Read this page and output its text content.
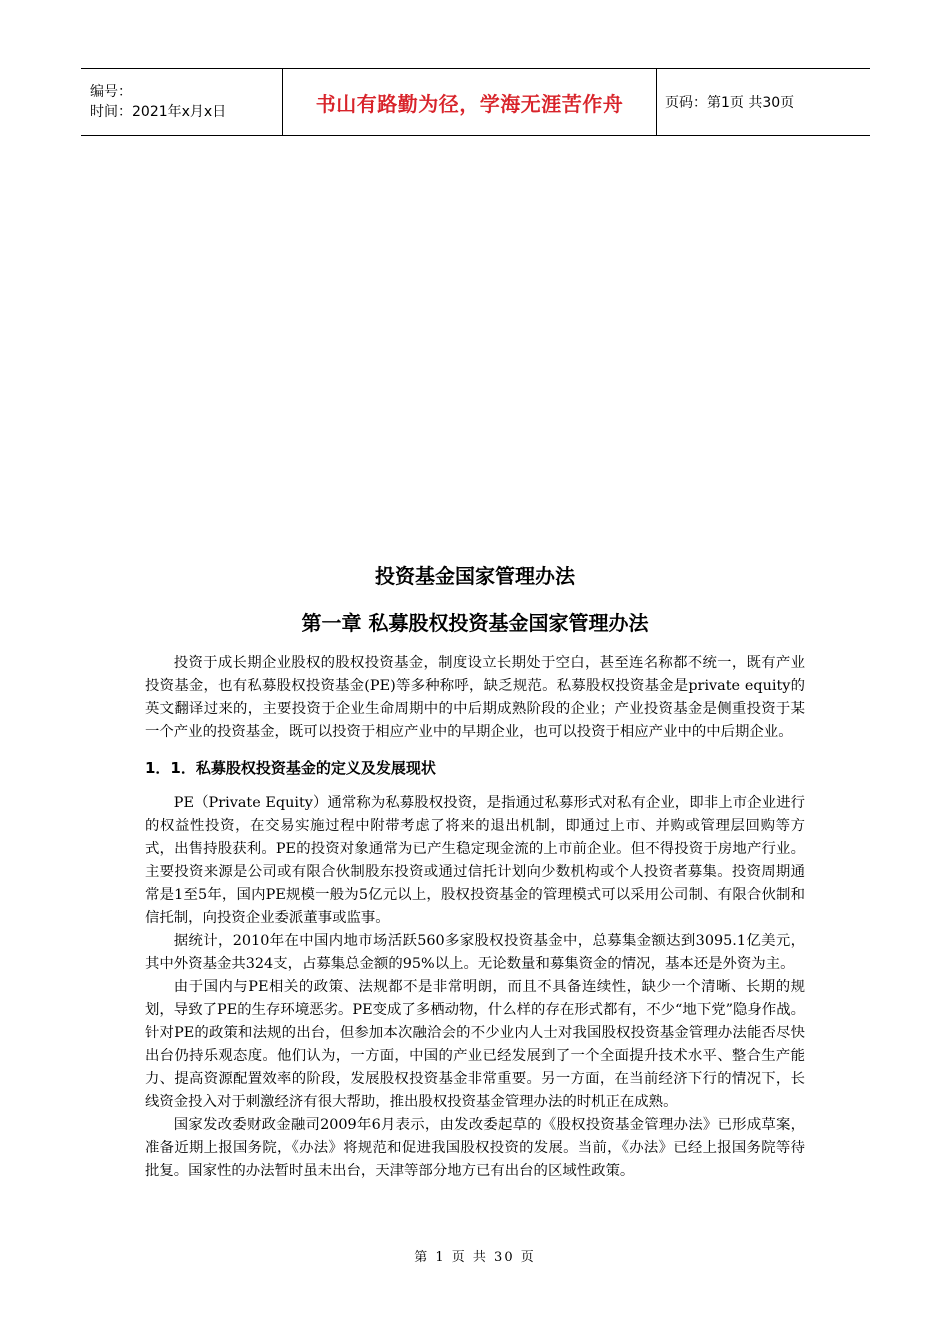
编号：
时间：2021年x月x日	书山有路勤为径，学海无涯苦作舟	页码：第1页 共30页
投资基金国家管理办法
第一章 私募股权投资基金国家管理办法

投资于成长期企业股权的股权投资基金，制度设立长期处于空白，甚至连名称都不统一，既有产业投资基金，也有私募股权投资基金(PE)等多种称呼，缺乏规范。私募股权投资基金是private equity的英文翻译过来的，主要投资于企业生命周期中的中后期成熟阶段的企业；产业投资基金是侧重投资于某一个产业的投资基金，既可以投资于相应产业中的早期企业，也可以投资于相应产业中的中后期企业。

1．1．私募股权投资基金的定义及发展现状

PE（Private Equity）通常称为私募股权投资，是指通过私募形式对私有企业，即非上市企业进行的权益性投资，在交易实施过程中附带考虑了将来的退出机制，即通过上市、并购或管理层回购等方式，出售持股获利。PE的投资对象通常为已产生稳定现金流的上市前企业。但不得投资于房地产行业。主要投资来源是公司或有限合伙制股东投资或通过信托计划向少数机构或个人投资者募集。投资周期通常是1至5年，国内PE规模一般为5亿元以上，股权投资基金的管理模式可以采用公司制、有限合伙制和信托制，向投资企业委派董事或监事。

据统计，2010年在中国内地市场活跃560多家股权投资基金中，总募集金额达到3095.1亿美元，其中外资基金共324支，占募集总金额的95%以上。无论数量和募集资金的情况，基本还是外资为主。

由于国内与PE相关的政策、法规都不是非常明朗，而且不具备连续性，缺少一个清晰、长期的规划，导致了PE的生存环境恶劣。PE变成了多栖动物，什么样的存在形式都有，不少“地下党”隐身作战。针对PE的政策和法规的出台，但参加本次融洽会的不少业内人士对我国股权投资基金管理办法能否尽快出台仍持乐观态度。他们认为，一方面，中国的产业已经发展到了一个全面提升技术水平、整合生产能力、提高资源配置效率的阶段，发展股权投资基金非常重要。另一方面，在当前经济下行的情况下，长线资金投入对于刺激经济有很大帮助，推出股权投资基金管理办法的时机正在成熟。

国家发改委财政金融司2009年6月表示，由发改委起草的《股权投资基金管理办法》已形成草案，准备近期上报国务院，《办法》将规范和促进我国股权投资的发展。当前，《办法》已经上报国务院等待批复。国家性的办法暂时虽未出台，天津等部分地方已有出台的区域性政策。

第 1 页 共 30 页
